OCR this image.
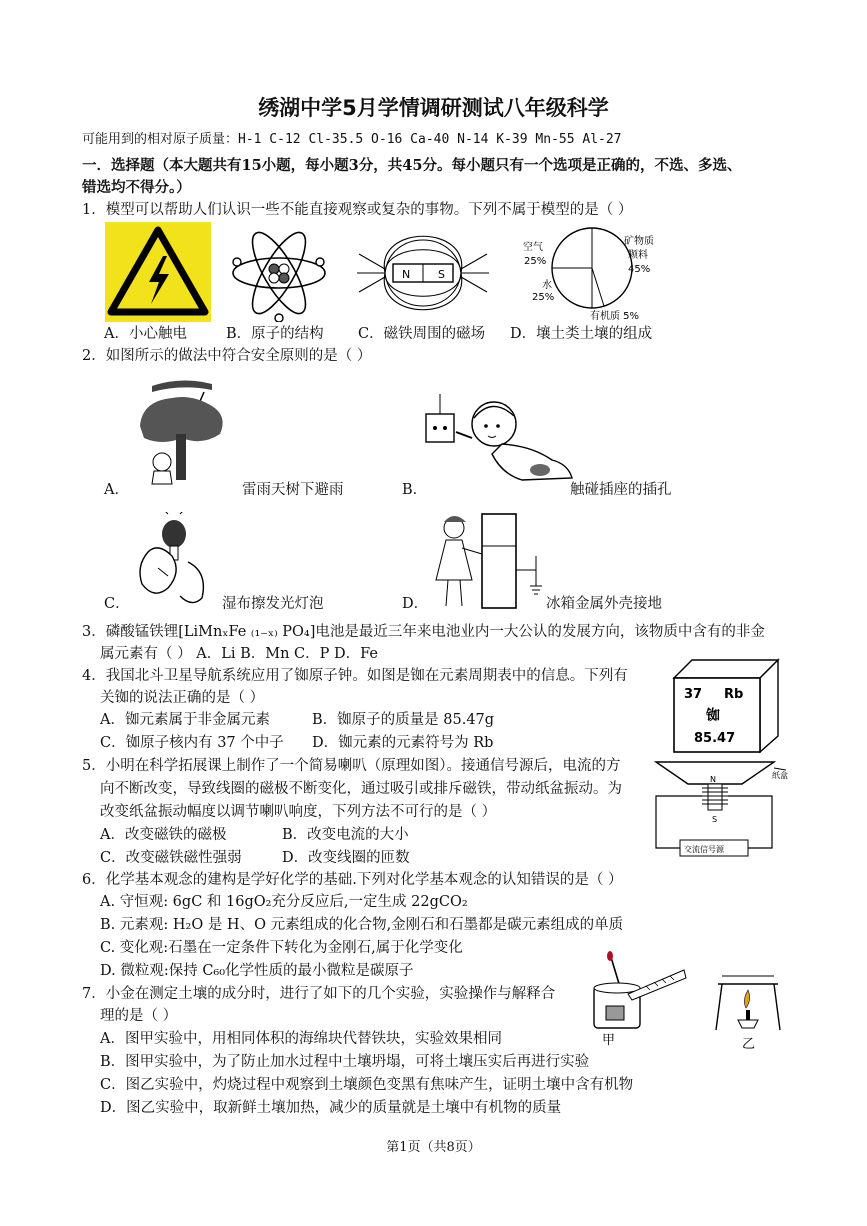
绣湖中学5月学情调研测试八年级科学
可能用到的相对原子质量：H-1 C-12 Cl-35.5 O-16 Ca-40 N-14 K-39 Mn-55 Al-27
一．选择题（本大题共有15小题，每小题3分，共45分。每小题只有一个选项是正确的，不选、多选、
错选均不得分。）
1．模型可以帮助人们认识一些不能直接观察或复杂的事物。下列不属于模型的是（ ）
N	S
空气
25%
水
25%
矿物质
颗料
45%
有机质 5%
A．小心触电	B．原子的结构 C．磁铁周围的磁场 D．壤土类土壤的组成
2．如图所示的做法中符合安全原则的是（ ）
A．	雷雨天树下避雨	B．	触碰插座的插孔
C．	湿布擦发光灯泡	D．	冰箱金属外壳接地
3．磷酸锰铁锂[LiMnₓFe ₍₁₋ₓ₎ PO₄]电池是最近三年来电池业内一大公认的发展方向，该物质中含有的非金
属元素有（ ） A．Li B．Mn C．P D．Fe
4．我国北斗卫星导航系统应用了铷原子钟。如图是铷在元素周期表中的信息。下列有
关铷的说法正确的是（ ）
A．铷元素属于非金属元素	B．铷原子的质量是 85.47g
C．铷原子核内有 37 个中子 D．铷元素的元素符号为 Rb
37 Rb
铷
85.47
5．小明在科学拓展课上制作了一个简易喇叭（原理如图）。接通信号源后，电流的方
向不断改变，导致线圈的磁极不断变化，通过吸引或排斥磁铁，带动纸盆振动。为
改变纸盆振动幅度以调节喇叭响度，下列方法不可行的是（ ）
A．改变磁铁的磁极	B．改变电流的大小
C．改变磁铁磁性强弱	D．改变线圈的匝数
纸盒
N
S
交流信号源
6．化学基本观念的建构是学好化学的基础.下列对化学基本观念的认知错误的是（ ）
A. 守恒观: 6gC 和 16gO₂充分反应后,一定生成 22gCO₂
B. 元素观: H₂O 是 H、O 元素组成的化合物,金刚石和石墨都是碳元素组成的单质
C. 变化观:石墨在一定条件下转化为金刚石,属于化学变化
D. 微粒观:保持 C₆₀化学性质的最小微粒是碳原子
7．小金在测定土壤的成分时，进行了如下的几个实验，实验操作与解释合
理的是（ ）
A．图甲实验中，用相同体积的海绵块代替铁块，实验效果相同
B．图甲实验中，为了防止加水过程中土壤坍塌，可将土壤压实后再进行实验
C．图乙实验中，灼烧过程中观察到土壤颜色变黑有焦味产生，证明土壤中含有机物
D．图乙实验中，取新鲜土壤加热，减少的质量就是土壤中有机物的质量
甲	乙
第1页（共8页）
